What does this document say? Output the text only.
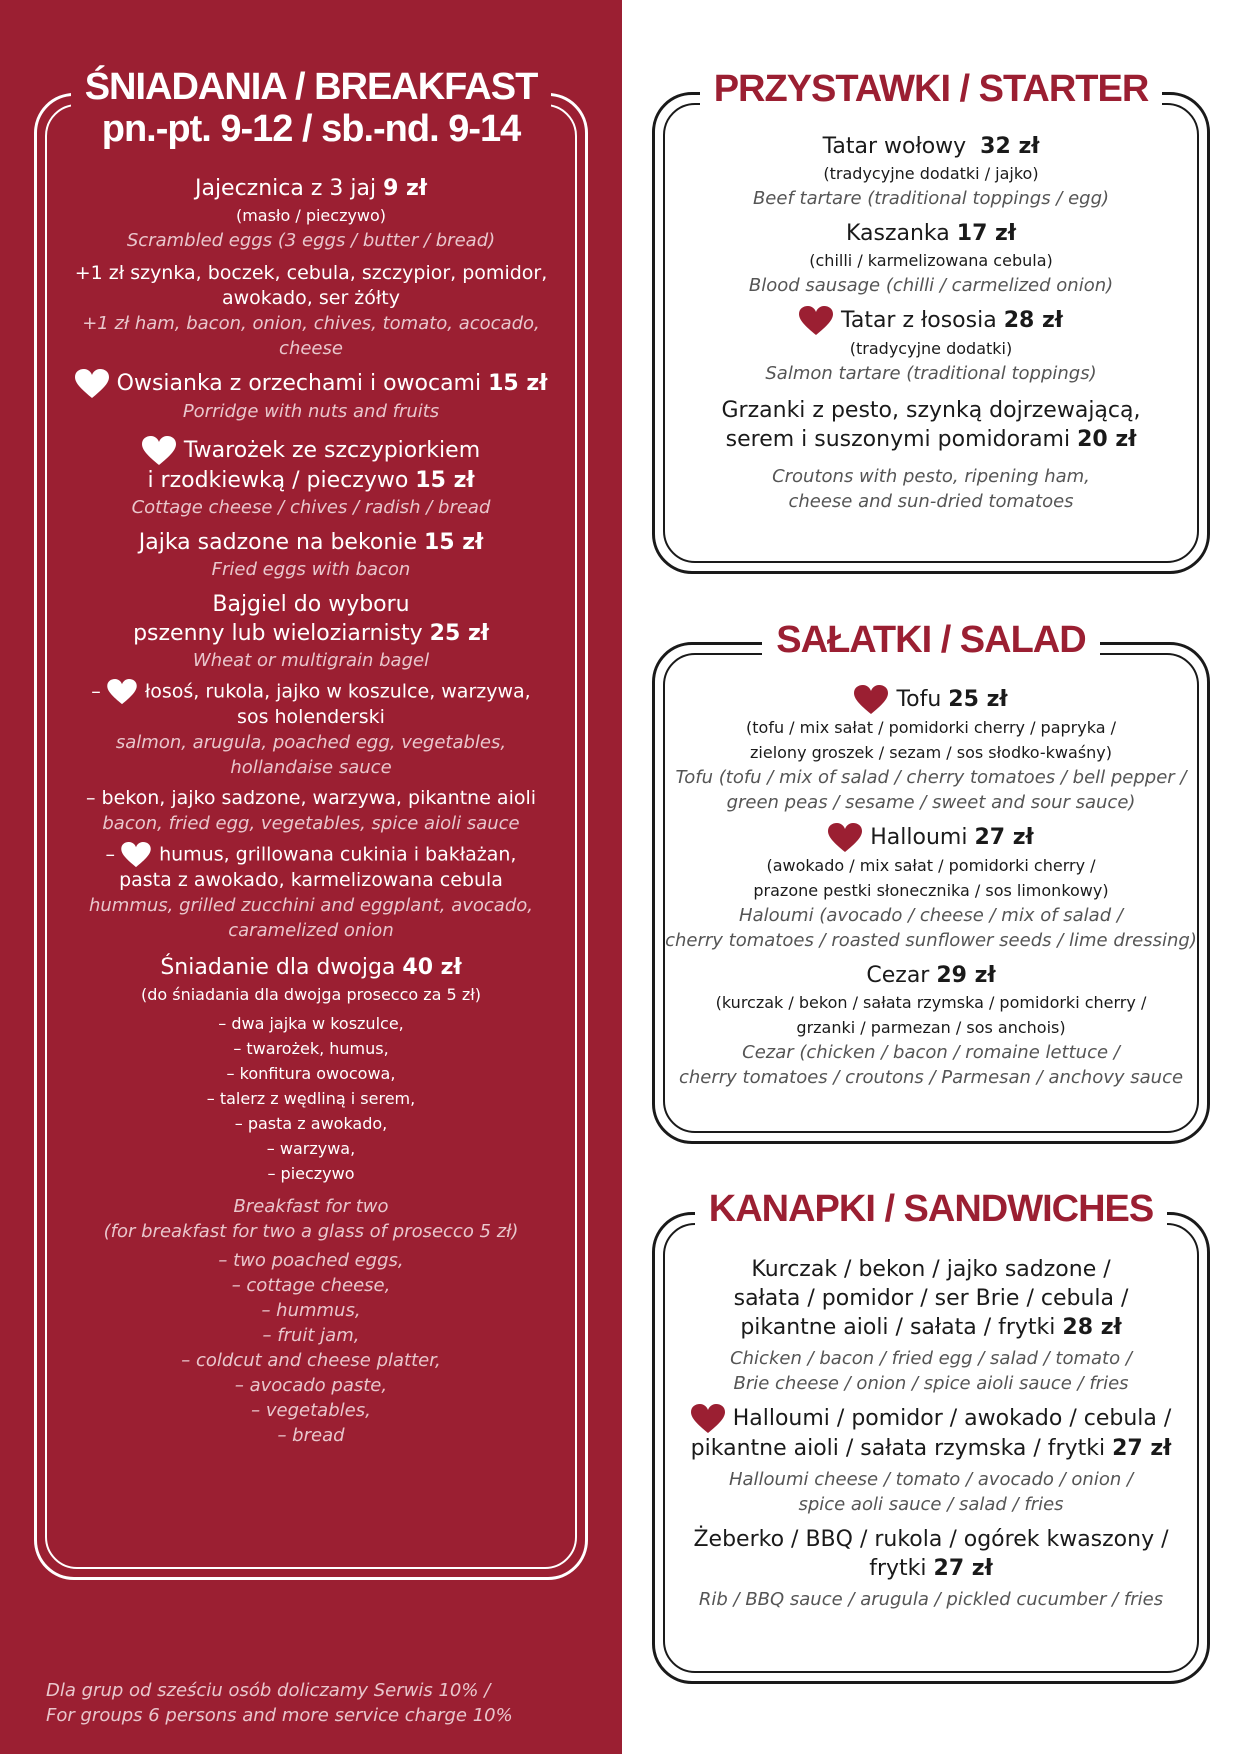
ŚNIADANIA / BREAKFAST
pn.-pt. 9-12 / sb.-nd. 9-14
Jajecznica z 3 jaj 9 zł
(masło / pieczywo)
Scrambled eggs (3 eggs / butter / bread)
+1 zł szynka, boczek, cebula, szczypior, pomidor,
awokado, ser żółty
+1 zł ham, bacon, onion, chives, tomato, acocado, cheese
Owsianka z orzechami i owocami 15 zł
Porridge with nuts and fruits
Twarożek ze szczypiorkiem
i rzodkiewką / pieczywo 15 zł
Cottage cheese / chives / radish / bread
Jajka sadzone na bekonie 15 zł
Fried eggs with bacon
Bajgiel do wyboru
pszenny lub wieloziarnisty 25 zł
Wheat or multigrain bagel
– łosoś, rukola, jajko w koszulce, warzywa,
sos holenderski
salmon, arugula, poached egg, vegetables,
hollandaise sauce
– bekon, jajko sadzone, warzywa, pikantne aioli
bacon, fried egg, vegetables, spice aioli sauce
– humus, grillowana cukinia i bakłażan,
pasta z awokado, karmelizowana cebula
hummus, grilled zucchini and eggplant, avocado,
caramelized onion
Śniadanie dla dwojga 40 zł
(do śniadania dla dwojga prosecco za 5 zł)
– dwa jajka w koszulce,
– twarożek, humus,
– konfitura owocowa,
– talerz z wędliną i serem,
– pasta z awokado,
– warzywa,
– pieczywo
Breakfast for two
(for breakfast for two a glass of prosecco 5 zł)
– two poached eggs,
– cottage cheese,
– hummus,
– fruit jam,
– coldcut and cheese platter,
– avocado paste,
– vegetables,
– bread
Dla grup od sześciu osób doliczamy Serwis 10% /
For groups 6 persons and more service charge 10%
PRZYSTAWKI / STARTER
Tatar wołowy 32 zł
(tradycyjne dodatki / jajko)
Beef tartare (traditional toppings / egg)
Kaszanka 17 zł
(chilli / karmelizowana cebula)
Blood sausage (chilli / carmelized onion)
Tatar z łososia 28 zł
(tradycyjne dodatki)
Salmon tartare (traditional toppings)
Grzanki z pesto, szynką dojrzewającą,
serem i suszonymi pomidorami 20 zł
Croutons with pesto, ripening ham,
cheese and sun-dried tomatoes
SAŁATKI / SALAD
Tofu 25 zł
(tofu / mix sałat / pomidorki cherry / papryka /
zielony groszek / sezam / sos słodko-kwaśny)
Tofu (tofu / mix of salad / cherry tomatoes / bell pepper /
green peas / sesame / sweet and sour sauce)
Halloumi 27 zł
(awokado / mix sałat / pomidorki cherry /
prazone pestki słonecznika / sos limonkowy)
Haloumi (avocado / cheese / mix of salad /
cherry tomatoes / roasted sunflower seeds / lime dressing)
Cezar 29 zł
(kurczak / bekon / sałata rzymska / pomidorki cherry /
grzanki / parmezan / sos anchois)
Cezar (chicken / bacon / romaine lettuce /
cherry tomatoes / croutons / Parmesan / anchovy sauce
KANAPKI / SANDWICHES
Kurczak / bekon / jajko sadzone /
sałata / pomidor / ser Brie / cebula /
pikantne aioli / sałata / frytki 28 zł
Chicken / bacon / fried egg / salad / tomato /
Brie cheese / onion / spice aioli sauce / fries
Halloumi / pomidor / awokado / cebula /
pikantne aioli / sałata rzymska / frytki 27 zł
Halloumi cheese / tomato / avocado / onion /
spice aoli sauce / salad / fries
Żeberko / BBQ / rukola / ogórek kwaszony /
frytki 27 zł
Rib / BBQ sauce / arugula / pickled cucumber / fries
